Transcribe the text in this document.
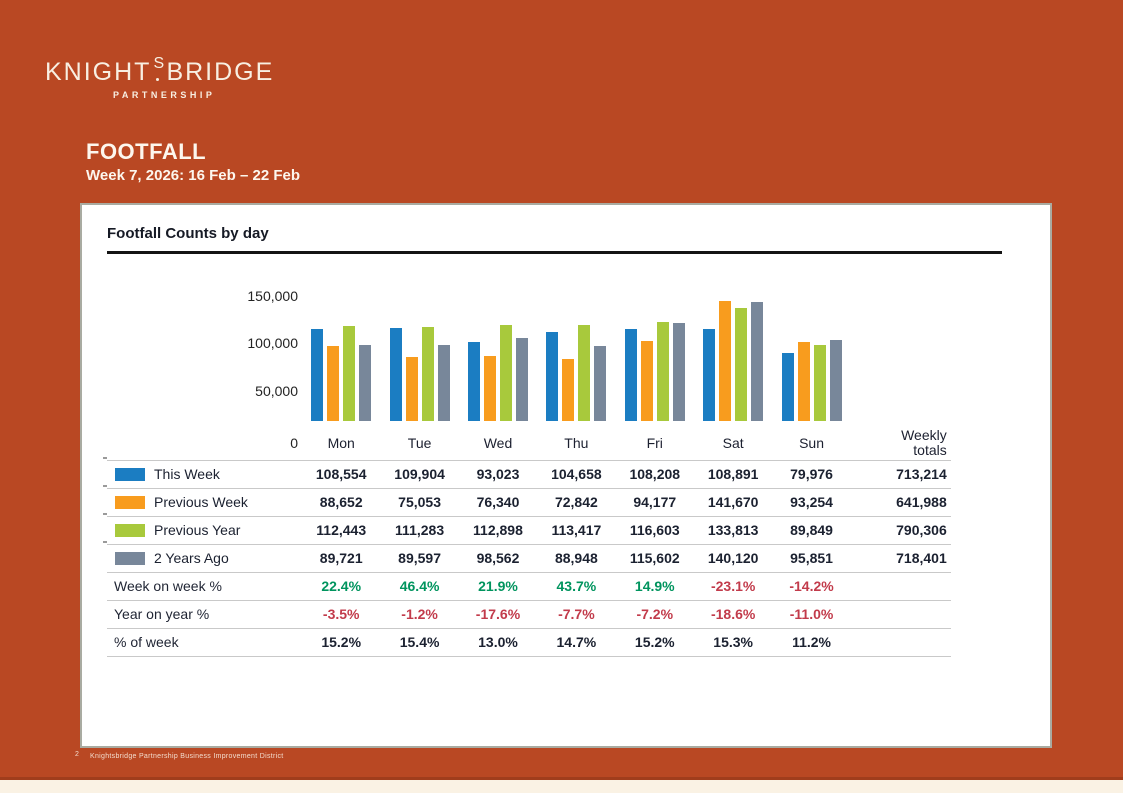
KNIGHT S BRIDGE
PARTNERSHIP
FOOTFALL
Week 7, 2026: 16 Feb – 22 Feb
Footfall Counts by day
150,000
100,000
50,000
0	Mon	Tue	Wed	Thu	Fri	Sat	Sun	Weekly
totals

This Week	108,554	109,904	93,023	104,658	108,208	108,891	79,976	713,214

Previous Week	88,652	75,053	76,340	72,842	94,177	141,670	93,254	641,988

Previous Year	112,443	111,283	112,898	113,417	116,603	133,813	89,849	790,306

2 Years Ago	89,721	89,597	98,562	88,948	115,602	140,120	95,851	718,401
Week on week %	22.4%	46.4%	21.9%	43.7%	14.9%	-23.1%	-14.2%	
Year on year %	-3.5%	-1.2%	-17.6%	-7.7%	-7.2%	-18.6%	-11.0%	
% of week	15.2%	15.4%	13.0%	14.7%	15.2%	15.3%	11.2%	
2 Knightsbridge Partnership Business Improvement District
